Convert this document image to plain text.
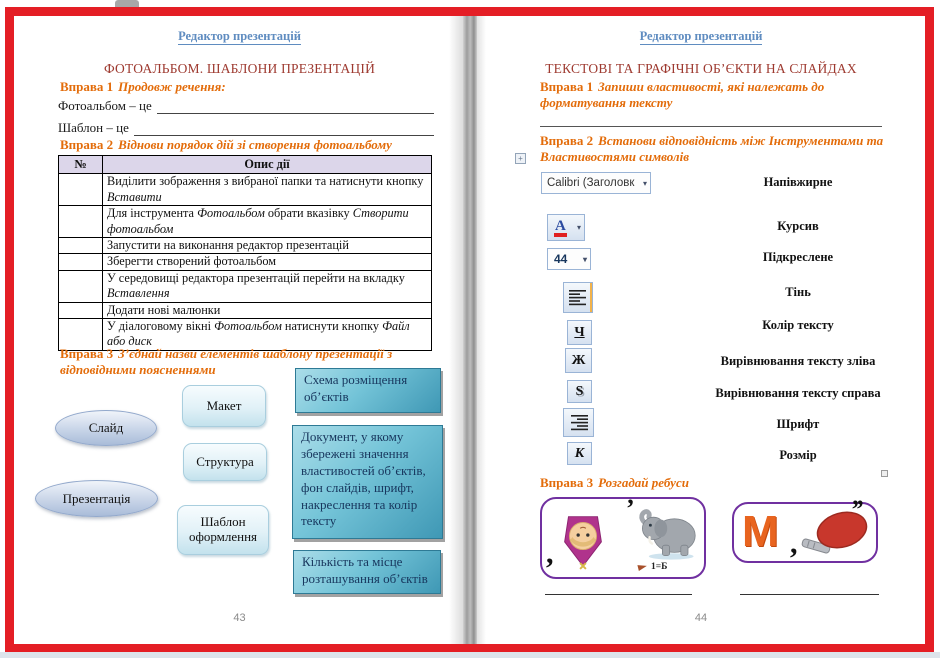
Редактор презентацій
ФОТОАЛЬБОМ. ШАБЛОНИ ПРЕЗЕНТАЦІЙ
Вправа 1 Продовж речення:
Фотоальбом – це
Шаблон – це
Вправа 2 Віднови порядок дій зі створення фотоальбому
№	Опис дії
	Виділити зображення з вибраної папки та натиснути кнопку Вставити
	Для інструмента Фотоальбом обрати вказівку Створити фотоальбом
	Запустити на виконання редактор презентацій
	Зберегти створений фотоальбом
	У середовищі редактора презентацій перейти на вкладку Вставлення
	Додати нові малюнки
	У діалоговому вікні Фотоальбом натиснути кнопку Файл або диск
Вправа 3 З’єднай назви елементів шаблону презентації з відповідними поясненнями
Слайд
Презентація
Макет
Структура
Шаблон оформлення
Схема розміщення об’єктів
Документ, у якому збережені значення властивостей об’єктів, фон слайдів, шрифт, накреслення та колір тексту
Кількість та місце розташування об’єктів
43
Редактор презентацій
ТЕКСТОВІ ТА ГРАФІЧНІ ОБ’ЄКТИ НА СЛАЙДАХ
Вправа 1 Запиши властивості, які належать до форматування тексту
Вправа 2 Встанови відповідність між Інструментами та Властивостями символів
+
Calibri (Заголовк	▾
A	▾
44	▾
Ч
Ж
S
К
Напівжирне
Курсив
Підкреслене
Тінь
Колір тексту
Вирівнювання тексту зліва
Вирівнювання тексту справа
Шрифт
Розмір
Вправа 3 Розгадай ребуси
,
’
1=Б
M ,
’’
44
